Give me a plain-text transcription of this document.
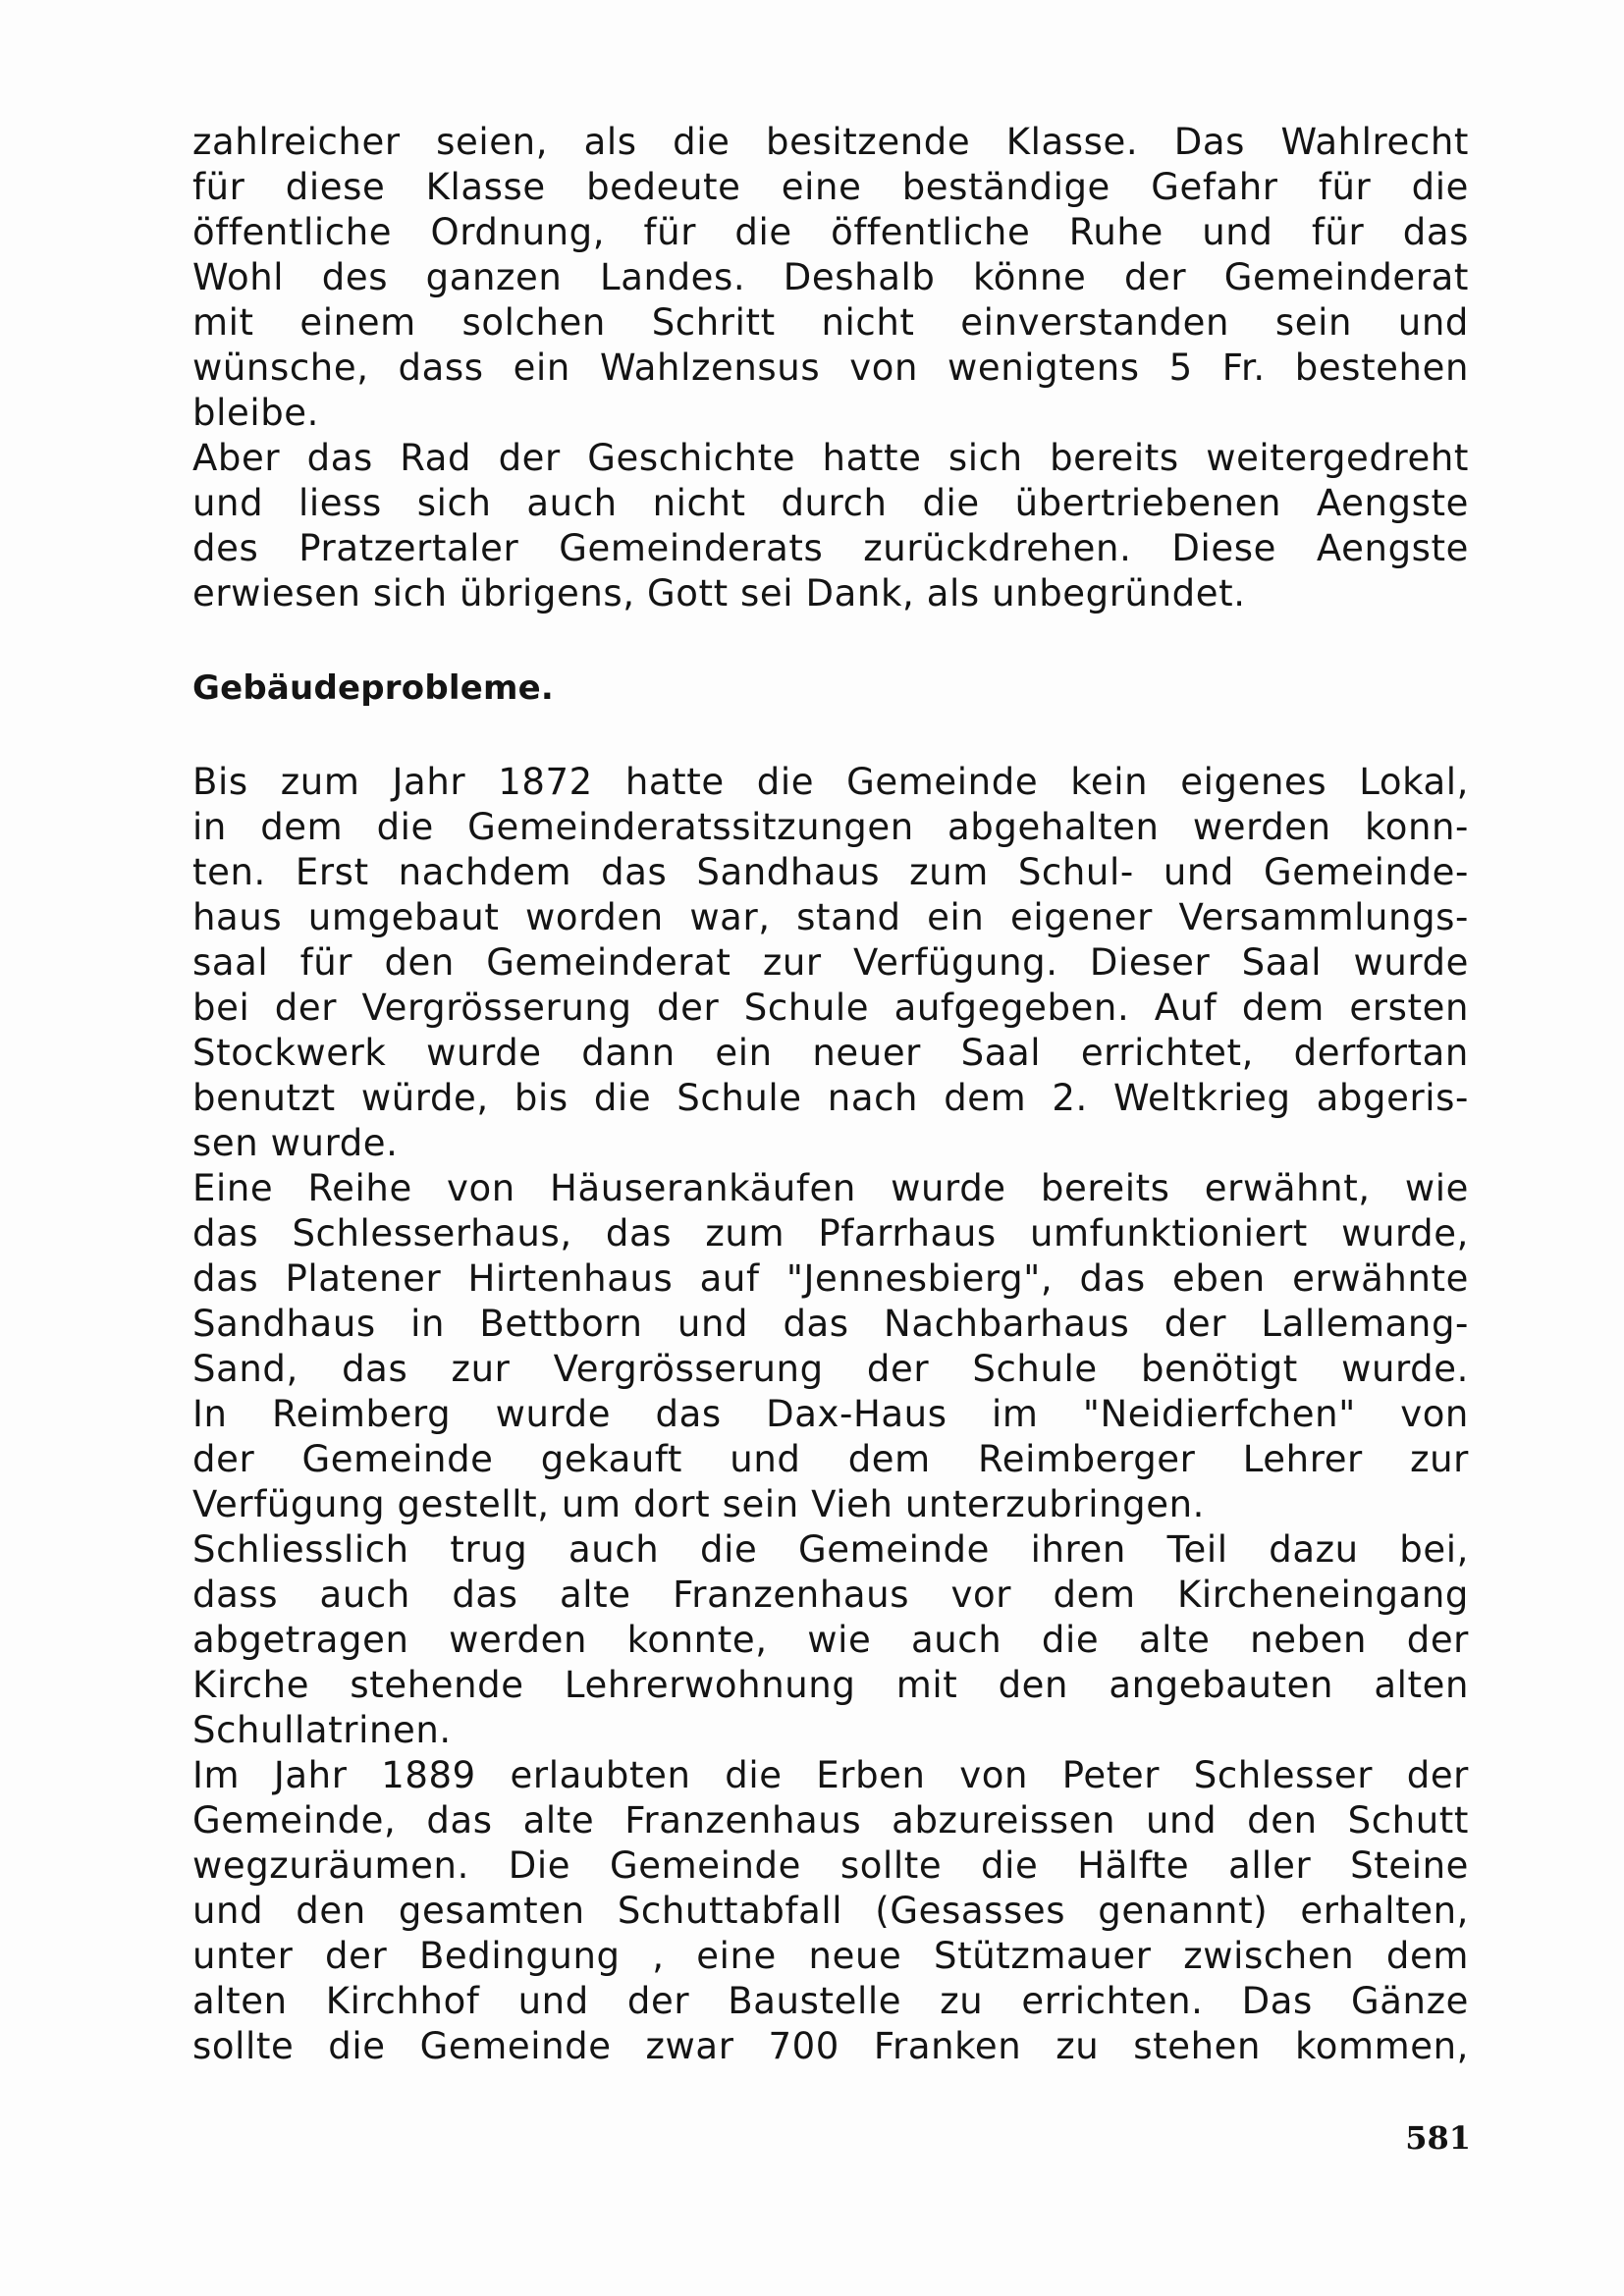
zahlreicher seien, als die besitzende Klasse. Das Wahlrecht
für diese Klasse bedeute eine beständige Gefahr für die
öffentliche Ordnung, für die öffentliche Ruhe und für das
Wohl des ganzen Landes. Deshalb könne der Gemeinderat
mit einem solchen Schritt nicht einverstanden sein und
wünsche, dass ein Wahlzensus von wenigtens 5 Fr. bestehen
bleibe.
Aber das Rad der Geschichte hatte sich bereits weitergedreht
und liess sich auch nicht durch die übertriebenen Aengste
des Pratzertaler Gemeinderats zurückdrehen. Diese Aengste
erwiesen sich übrigens, Gott sei Dank, als unbegründet.
Gebäudeprobleme.
Bis zum Jahr 1872 hatte die Gemeinde kein eigenes Lokal,
in dem die Gemeinderatssitzungen abgehalten werden konn-
ten. Erst nachdem das Sandhaus zum Schul- und Gemeinde-
haus umgebaut worden war, stand ein eigener Versammlungs-
saal für den Gemeinderat zur Verfügung. Dieser Saal wurde
bei der Vergrösserung der Schule aufgegeben. Auf dem ersten
Stockwerk wurde dann ein neuer Saal errichtet, derfortan
benutzt würde, bis die Schule nach dem 2. Weltkrieg abgeris-
sen wurde.
Eine Reihe von Häuserankäufen wurde bereits erwähnt, wie
das Schlesserhaus, das zum Pfarrhaus umfunktioniert wurde,
das Platener Hirtenhaus auf "Jennesbierg", das eben erwähnte
Sandhaus in Bettborn und das Nachbarhaus der Lallemang-
Sand, das zur Vergrösserung der Schule benötigt wurde.
In Reimberg wurde das Dax-Haus im "Neidierfchen" von
der Gemeinde gekauft und dem Reimberger Lehrer zur
Verfügung gestellt, um dort sein Vieh unterzubringen.
Schliesslich trug auch die Gemeinde ihren Teil dazu bei,
dass auch das alte Franzenhaus vor dem Kircheneingang
abgetragen werden konnte, wie auch die alte neben der
Kirche stehende Lehrerwohnung mit den angebauten alten
Schullatrinen.
Im Jahr 1889 erlaubten die Erben von Peter Schlesser der
Gemeinde, das alte Franzenhaus abzureissen und den Schutt
wegzuräumen. Die Gemeinde sollte die Hälfte aller Steine
und den gesamten Schuttabfall (Gesasses genannt) erhalten,
unter der Bedingung , eine neue Stützmauer zwischen dem
alten Kirchhof und der Baustelle zu errichten. Das Gänze
sollte die Gemeinde zwar 700 Franken zu stehen kommen,
581
